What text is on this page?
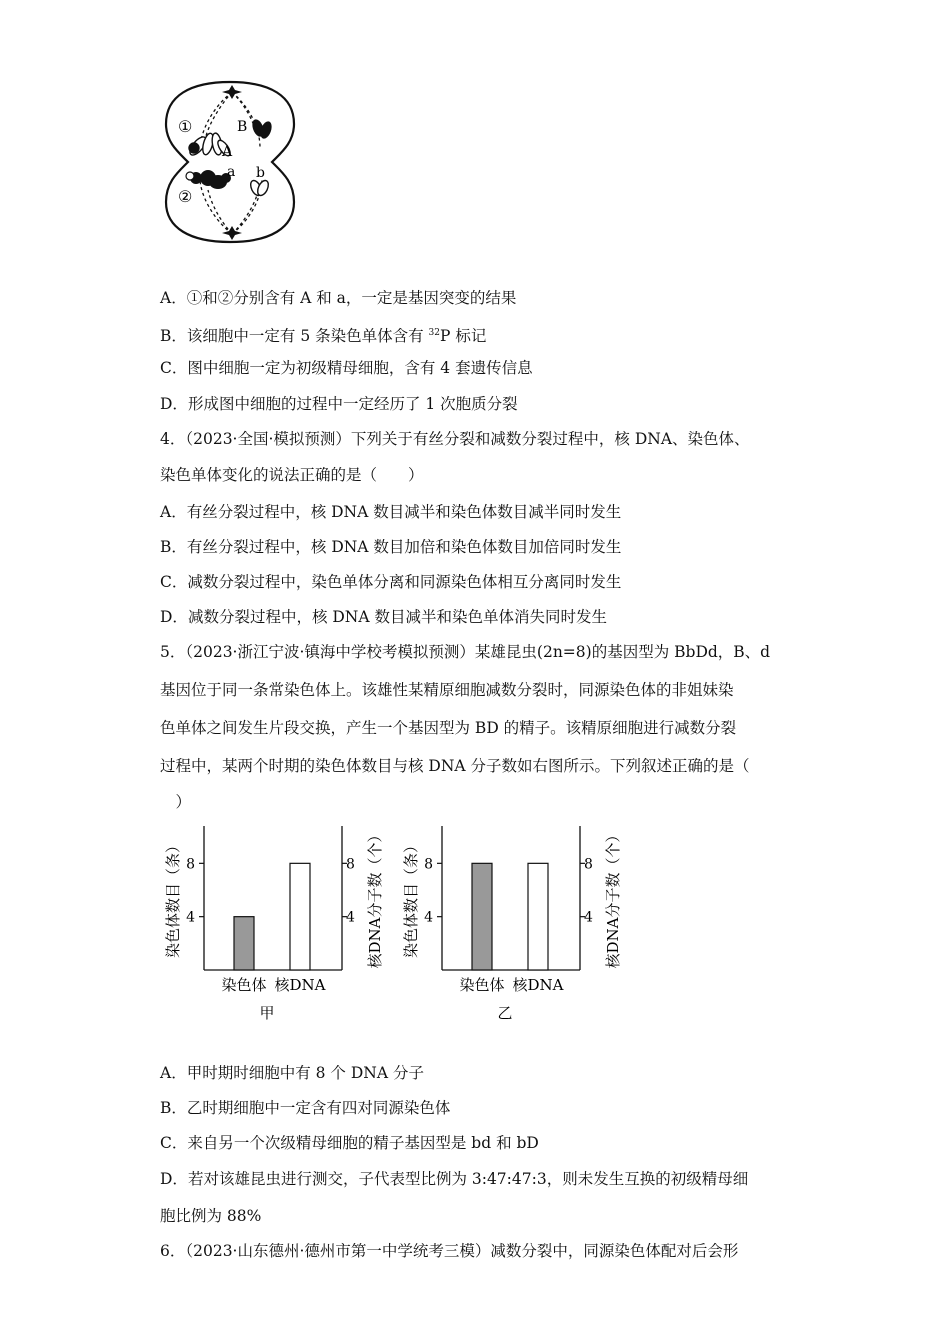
①
②
A
B
a b
A．①和②分别含有 A 和 a，一定是基因突变的结果
B．该细胞中一定有 5 条染色单体含有 $^{32}$P 标记
C．图中细胞一定为初级精母细胞，含有 4 套遗传信息
D．形成图中细胞的过程中一定经历了 1 次胞质分裂
4．（2023·全国·模拟预测）下列关于有丝分裂和减数分裂过程中，核 DNA、染色体、
染色单体变化的说法正确的是（　　）
A．有丝分裂过程中，核 DNA 数目减半和染色体数目减半同时发生
B．有丝分裂过程中，核 DNA 数目加倍和染色体数目加倍同时发生
C．减数分裂过程中，染色单体分离和同源染色体相互分离同时发生
D．减数分裂过程中，核 DNA 数目减半和染色单体消失同时发生
5．（2023·浙江宁波·镇海中学校考模拟预测）某雄昆虫(2n=8)的基因型为 BbDd，B、d
基因位于同一条常染色体上。该雄性某精原细胞减数分裂时，同源染色体的非姐妹染
色单体之间发生片段交换，产生一个基因型为 BD 的精子。该精原细胞进行减数分裂
过程中，某两个时期的染色体数目与核 DNA 分子数如右图所示。下列叙述正确的是（
　）
4	4
8	8
染色体 核DNA
染色体数目（条）	核DNA分子数（个）
甲
4	4
8	8
染色体 核DNA
染色体数目（条）	核DNA分子数（个）
乙
A．甲时期时细胞中有 8 个 DNA 分子
B．乙时期细胞中一定含有四对同源染色体
C．来自另一个次级精母细胞的精子基因型是 bd 和 bD
D．若对该雄昆虫进行测交，子代表型比例为 3:47:47:3，则未发生互换的初级精母细
胞比例为 88%
6．（2023·山东德州·德州市第一中学统考三模）减数分裂中，同源染色体配对后会形
